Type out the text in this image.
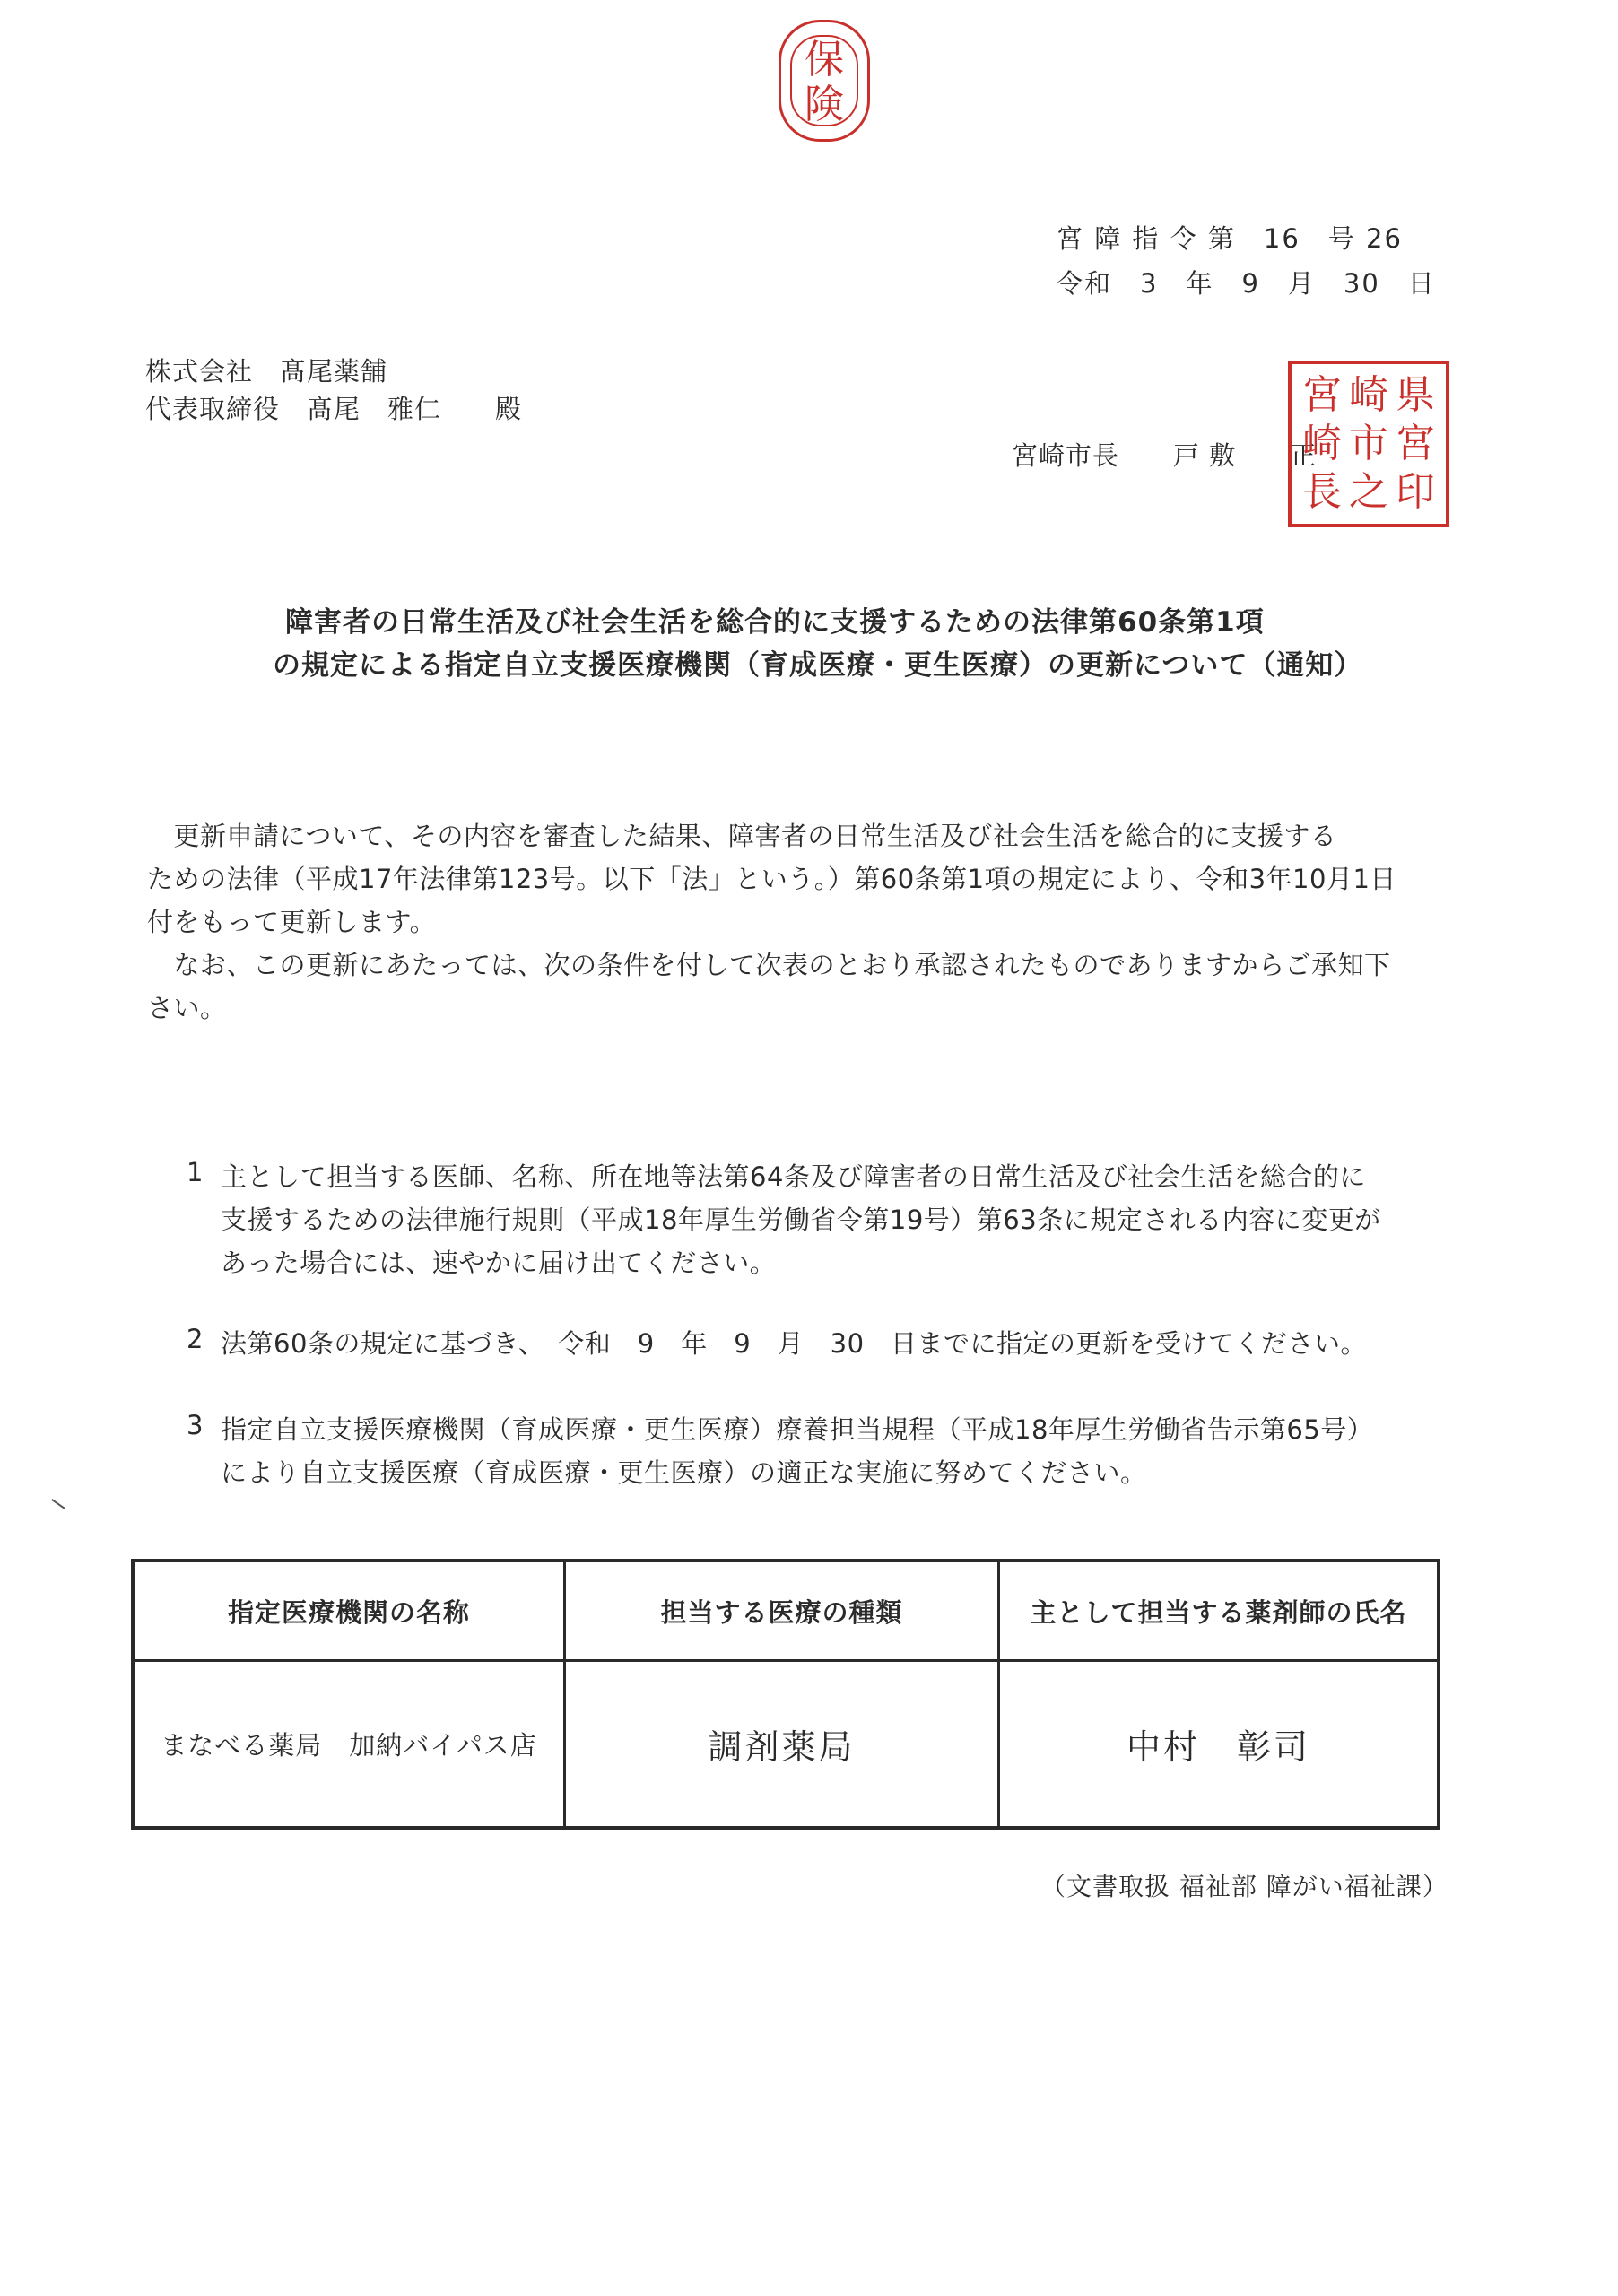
保
険
宮 障 指 令 第　16　号 26
令和　3　年　9　月　30　日
株式会社　髙尾薬舗
代表取締役　髙尾　雅仁　　殿
宮崎市長　　戸 敷　　正
宮 崎 県
崎 市 宮
長 之 印
障害者の日常生活及び社会生活を総合的に支援するための法律第60条第1項
の規定による指定自立支援医療機関（育成医療・更生医療）の更新について（通知）
　更新申請について、その内容を審査した結果、障害者の日常生活及び社会生活を総合的に支援する
ための法律（平成17年法律第123号。以下「法」という。）第60条第1項の規定により、令和3年10月1日
付をもって更新します。
　なお、この更新にあたっては、次の条件を付して次表のとおり承認されたものでありますからご承知下
さい。
1 主として担当する医師、名称、所在地等法第64条及び障害者の日常生活及び社会生活を総合的に
支援するための法律施行規則（平成18年厚生労働省令第19号）第63条に規定される内容に変更が
あった場合には、速やかに届け出てください。
2 法第60条の規定に基づき、　令和　9　年　9　月　30　日までに指定の更新を受けてください。
3 指定自立支援医療機関（育成医療・更生医療）療養担当規程（平成18年厚生労働省告示第65号）
により自立支援医療（育成医療・更生医療）の適正な実施に努めてください。
指定医療機関の名称	担当する医療の種類	主として担当する薬剤師の氏名
まなべる薬局　加納バイパス店	調剤薬局	中村　彰司
（文書取扱 福祉部 障がい福祉課）
